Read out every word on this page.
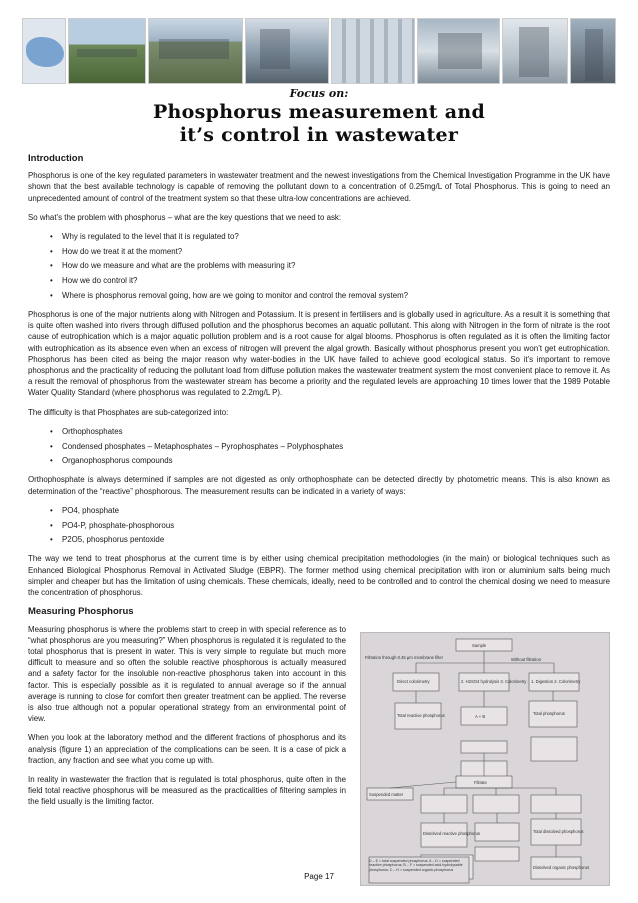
Focus on:
Phosphorus measurement and
it’s control in wastewater
Introduction

Phosphorus is one of the key regulated parameters in wastewater treatment and the newest investigations from the Chemical Investigation Programme in the UK have shown that the best available technology is capable of removing the pollutant down to a concentration of 0.25mg/L of Total Phosphorus. This is going to need an unprecedented amount of control of the treatment system so that these ultra-low concentrations are achieved.

So what’s the problem with phosphorus – what are the key questions that we need to ask:

• Why is regulated to the level that it is regulated to?
• How do we treat it at the moment?
• How do we measure and what are the problems with measuring it?
• How we do control it?
• Where is phosphorus removal going, how are we going to monitor and control the removal system?

Phosphorus is one of the major nutrients along with Nitrogen and Potassium. It is present in fertilisers and is globally used in agriculture. As a result it is something that is quite often washed into rivers through diffused pollution and the phosphorus becomes an aquatic pollutant. This along with Nitrogen in the form of nitrate is the root cause of eutrophication which is a major aquatic pollution problem and is a root cause for algal blooms. Phosphorus is often regulated as it is often the limiting factor with eutrophication as its absence even when an excess of nitrogen will prevent the algal growth. Basically without phosphorus present you won’t get eutrophication. Phosphorus has been cited as being the major reason why water-bodies in the UK have failed to achieve good ecological status. So it’s important to remove phosphorus and the practicality of reducing the pollutant load from diffuse pollution makes the wastewater treatment system the most convenient place to remove it. As a result the removal of phosphorus from the wastewater stream has become a priority and the regulated levels are approaching 10 times lower that the 1989 Potable Water Quality Standard (where phosphorus was regulated to 2.2mg/L P).

The difficulty is that Phosphates are sub-categorized into:

• Orthophosphates
• Condensed phosphates – Metaphosphates – Pyrophosphates – Polyphosphates
• Organophosphorus compounds

Orthophosphate is always determined if samples are not digested as only orthophosphate can be detected directly by photometric means. This is also known as determination of the “reactive” phosphorous. The measurement results can be indicated in a variety of ways:

• PO4, phosphate
• PO4-P, phosphate-phosphorous
• P2O5, phosphorus pentoxide

The way we tend to treat phosphorus at the current time is by either using chemical precipitation methodologies (in the main) or biological techniques such as Enhanced Biological Phosphorus Removal in Activated Sludge (EBPR). The former method using chemical precipitation with iron or aluminium salts being much simpler and cheaper but has the limitation of using chemicals. These chemicals, ideally, need to be controlled and to control the chemical dosing we need to measure the concentration of phosphorus.

Measuring Phosphorus

Measuring phosphorus is where the problems start to creep in with special reference as to “what phosphorus are you measuring?” When phosphorus is regulated it is regulated to the total phosphorus that is present in water. This is very simple to regulate but much more difficult to measure and so often the soluble reactive phosphorous is actually measured and a safety factor for the insoluble non-reactive phosphorus taken into account in this factor. This is especially possible as it is regulated to annual average so if the annual average is running to close for comfort then greater treatment can be applied. The reverse is also true although not a popular operational strategy from an environmental point of view.

When you look at the laboratory method and the different fractions of phosphorus and its analysis (figure 1) an appreciation of the complications can be seen. It is a case of pick a fraction, any fraction and see what you come up with.

In reality in wastewater the fraction that is regulated is total phosphorus, quite often in the field total reactive phosphorus will be measured as the practicalities of filtering samples in the field usually is the limiting factor.

Sample
Without filtration
Filtration through 0.45 µm membrane filter
Direct colorimetry	2. H2SO4 hydrolysis 3. Colorimetry 1. Digestion 2. Colorimetry
Total reactive phosphorus	A + B
Total phosphorus
Filtrate
Suspended matter
Dissolved reactive phosphorus	Total dissolved phosphorus
Dissolved organic phosphorus
D – E = total suspended phosphorus; A – D = suspended reactive phosphorus; B – F = suspended acid-hydrolysable phosphorus; C – H = suspended organic phosphorus
Page 17
